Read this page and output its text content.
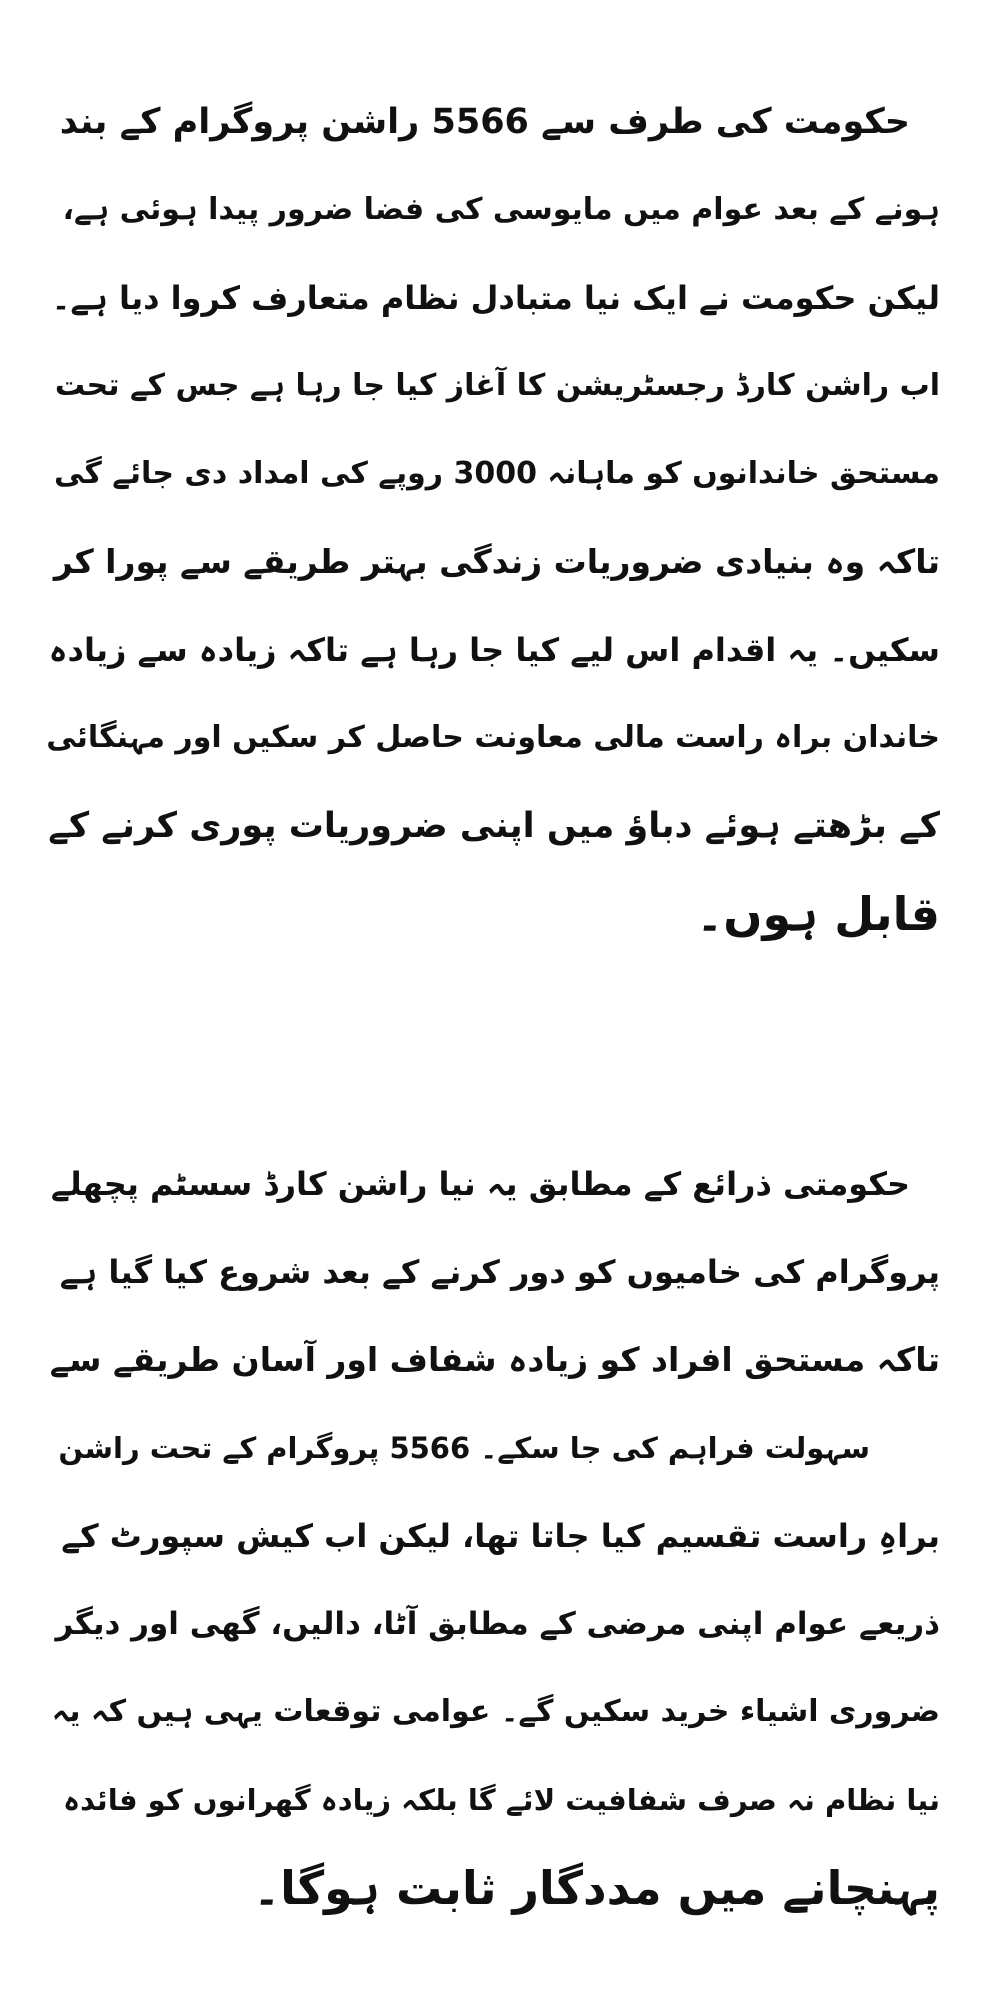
حکومت کی طرف سے 5566 راشن پروگرام کے بند
ہونے کے بعد عوام میں مایوسی کی فضا ضرور پیدا ہوئی ہے،
لیکن حکومت نے ایک نیا متبادل نظام متعارف کروا دیا ہے۔
اب راشن کارڈ رجسٹریشن کا آغاز کیا جا رہا ہے جس کے تحت
مستحق خاندانوں کو ماہانہ 3000 روپے کی امداد دی جائے گی
تاکہ وہ بنیادی ضروریات زندگی بہتر طریقے سے پورا کر
سکیں۔ یہ اقدام اس لیے کیا جا رہا ہے تاکہ زیادہ سے زیادہ
خاندان براہ راست مالی معاونت حاصل کر سکیں اور مہنگائی
کے بڑھتے ہوئے دباؤ میں اپنی ضروریات پوری کرنے کے
قابل ہوں۔
حکومتی ذرائع کے مطابق یہ نیا راشن کارڈ سسٹم پچھلے
پروگرام کی خامیوں کو دور کرنے کے بعد شروع کیا گیا ہے
تاکہ مستحق افراد کو زیادہ شفاف اور آسان طریقے سے
سہولت فراہم کی جا سکے۔ 5566 پروگرام کے تحت راشن
براہِ راست تقسیم کیا جاتا تھا، لیکن اب کیش سپورٹ کے
ذریعے عوام اپنی مرضی کے مطابق آٹا، دالیں، گھی اور دیگر
ضروری اشیاء خرید سکیں گے۔ عوامی توقعات یہی ہیں کہ یہ
نیا نظام نہ صرف شفافیت لائے گا بلکہ زیادہ گھرانوں کو فائدہ
پہنچانے میں مددگار ثابت ہوگا۔
